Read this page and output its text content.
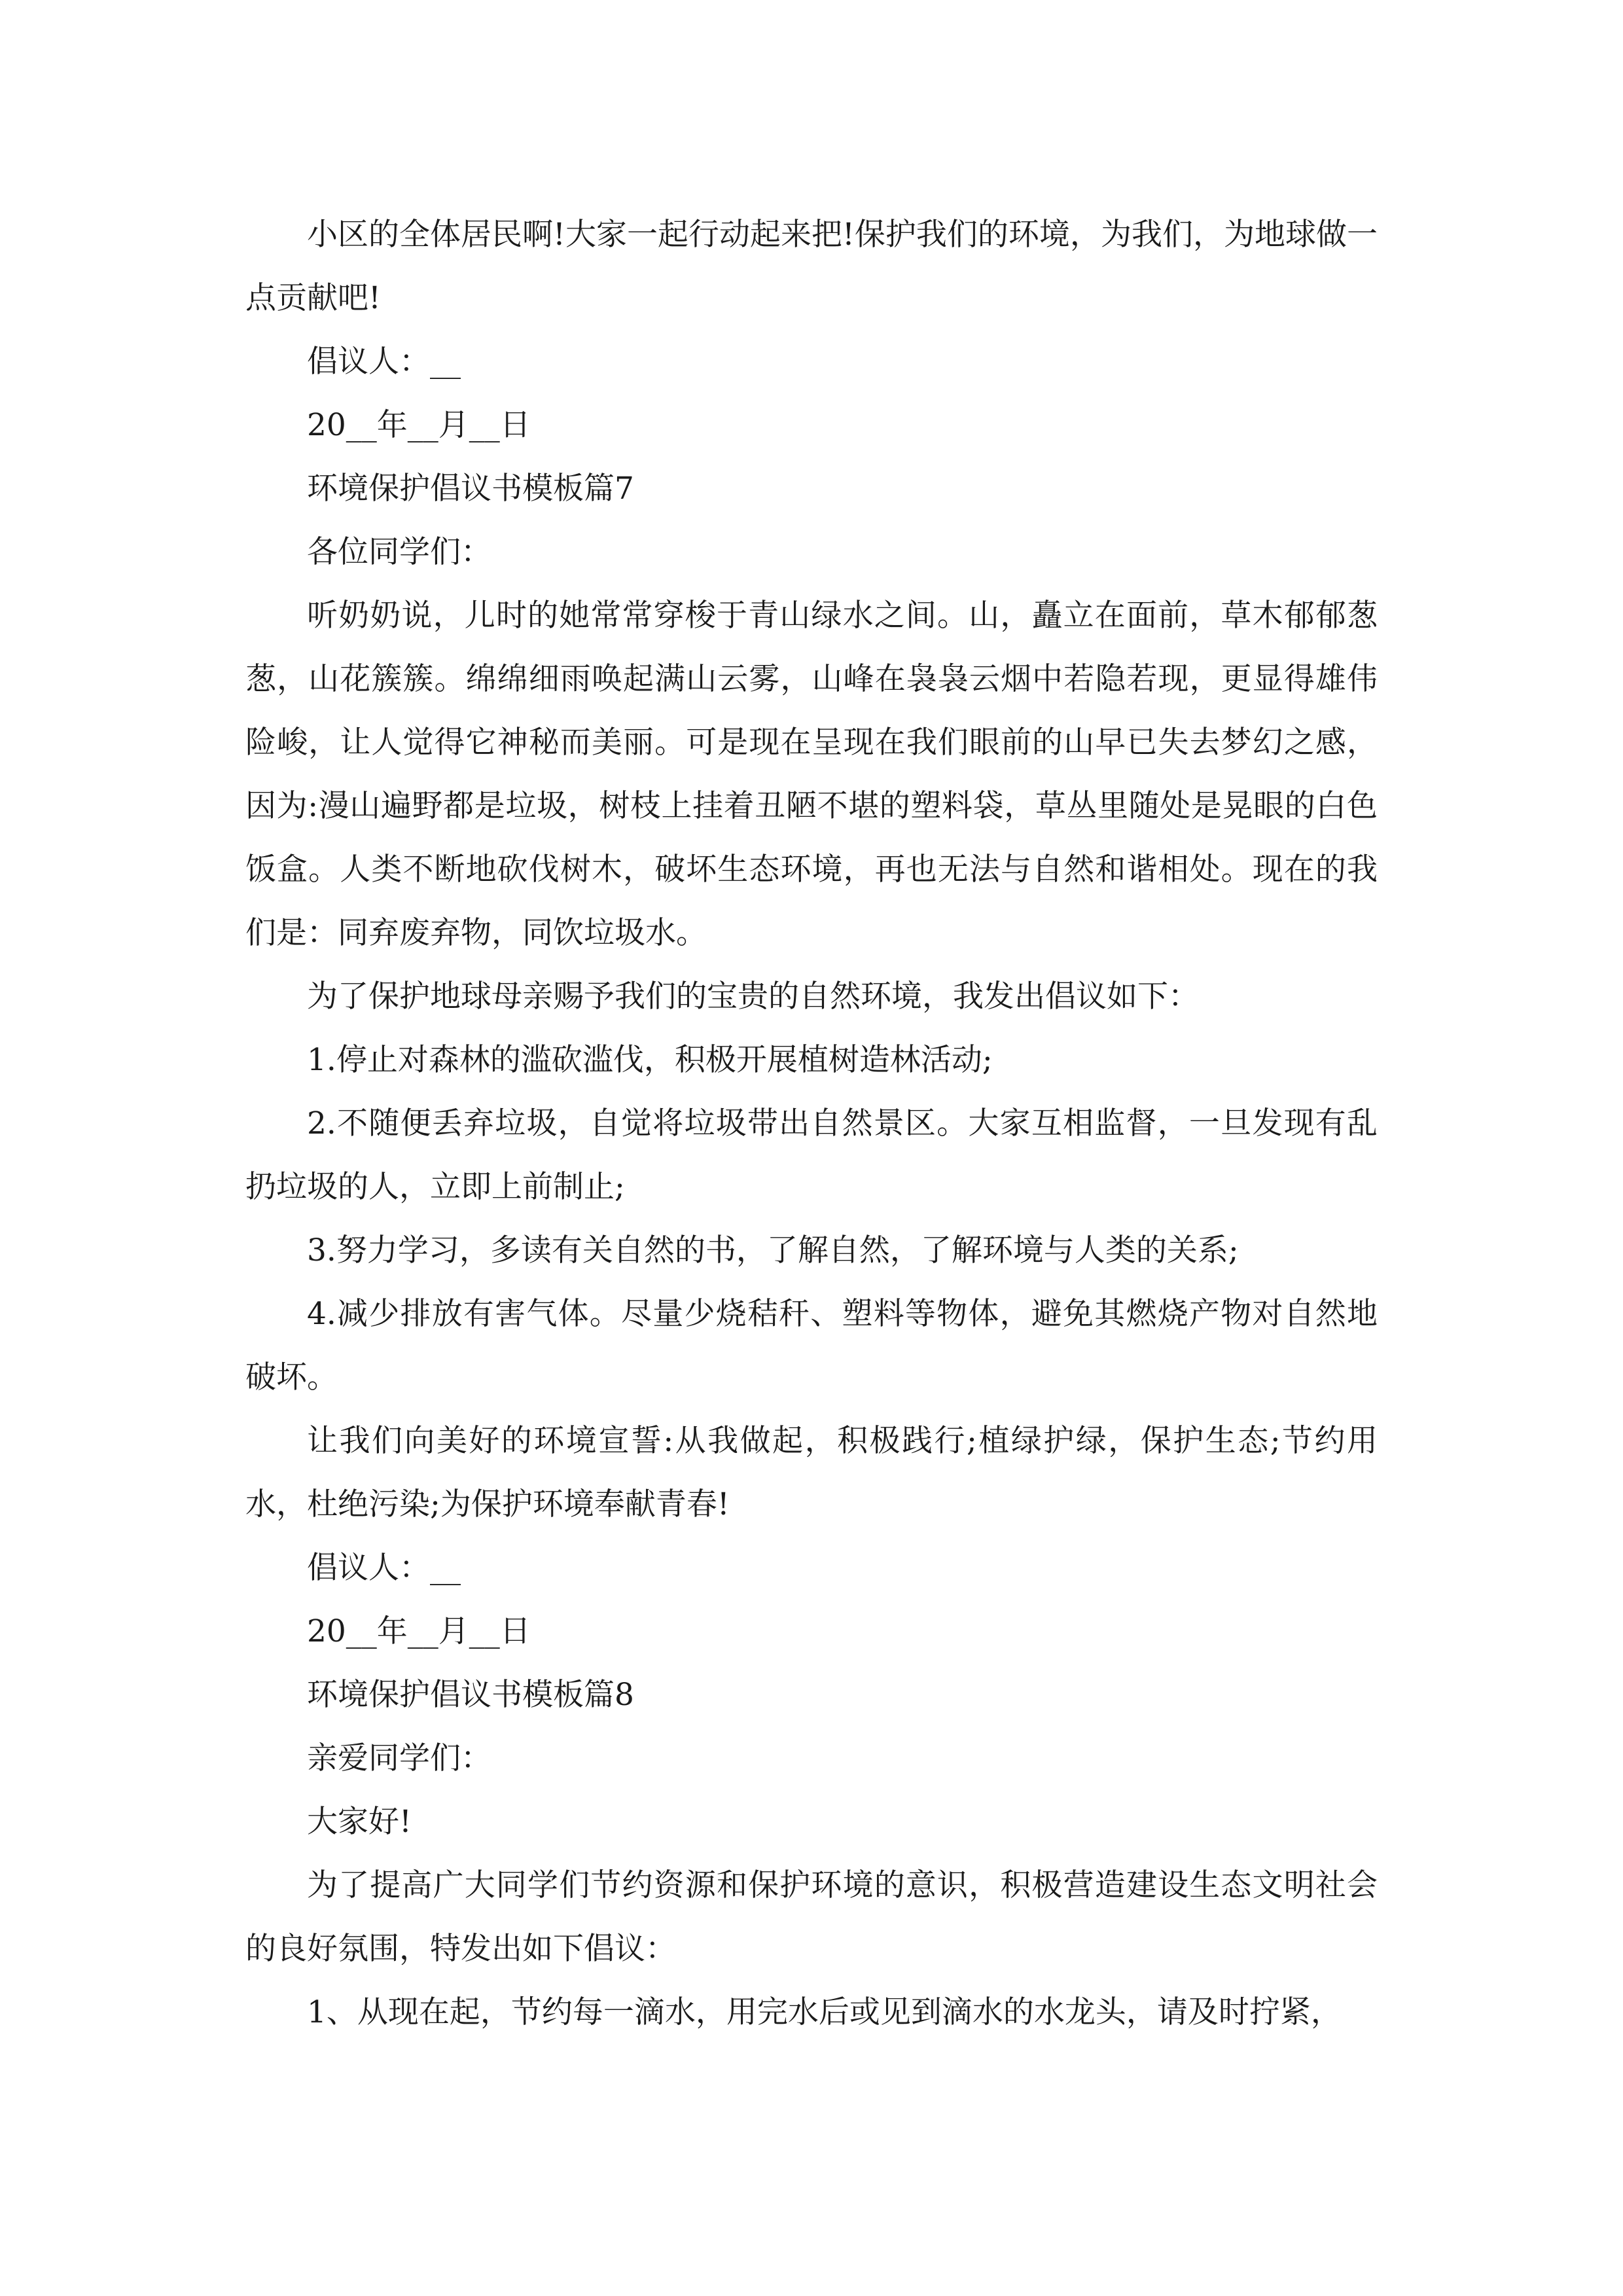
小区的全体居民啊!大家一起行动起来把!保护我们的环境，为我们，为地球做一点贡献吧!

倡议人：__

20__年__月__日

环境保护倡议书模板篇7

各位同学们：

听奶奶说，儿时的她常常穿梭于青山绿水之间。山，矗立在面前，草木郁郁葱葱，山花簇簇。绵绵细雨唤起满山云雾，山峰在袅袅云烟中若隐若现，更显得雄伟险峻，让人觉得它神秘而美丽。可是现在呈现在我们眼前的山早已失去梦幻之感，因为:漫山遍野都是垃圾，树枝上挂着丑陋不堪的塑料袋，草丛里随处是晃眼的白色饭盒。人类不断地砍伐树木，破坏生态环境，再也无法与自然和谐相处。现在的我们是：同弃废弃物，同饮垃圾水。

为了保护地球母亲赐予我们的宝贵的自然环境，我发出倡议如下：

1.停止对森林的滥砍滥伐，积极开展植树造林活动;

2.不随便丢弃垃圾，自觉将垃圾带出自然景区。大家互相监督，一旦发现有乱扔垃圾的人，立即上前制止;

3.努力学习，多读有关自然的书，了解自然，了解环境与人类的关系;

4.减少排放有害气体。尽量少烧秸秆、塑料等物体，避免其燃烧产物对自然地破坏。

让我们向美好的环境宣誓:从我做起，积极践行;植绿护绿，保护生态;节约用水，杜绝污染;为保护环境奉献青春!

倡议人：__

20__年__月__日

环境保护倡议书模板篇8

亲爱同学们：

大家好!

为了提高广大同学们节约资源和保护环境的意识，积极营造建设生态文明社会的良好氛围，特发出如下倡议：

1、从现在起，节约每一滴水，用完水后或见到滴水的水龙头，请及时拧紧，
